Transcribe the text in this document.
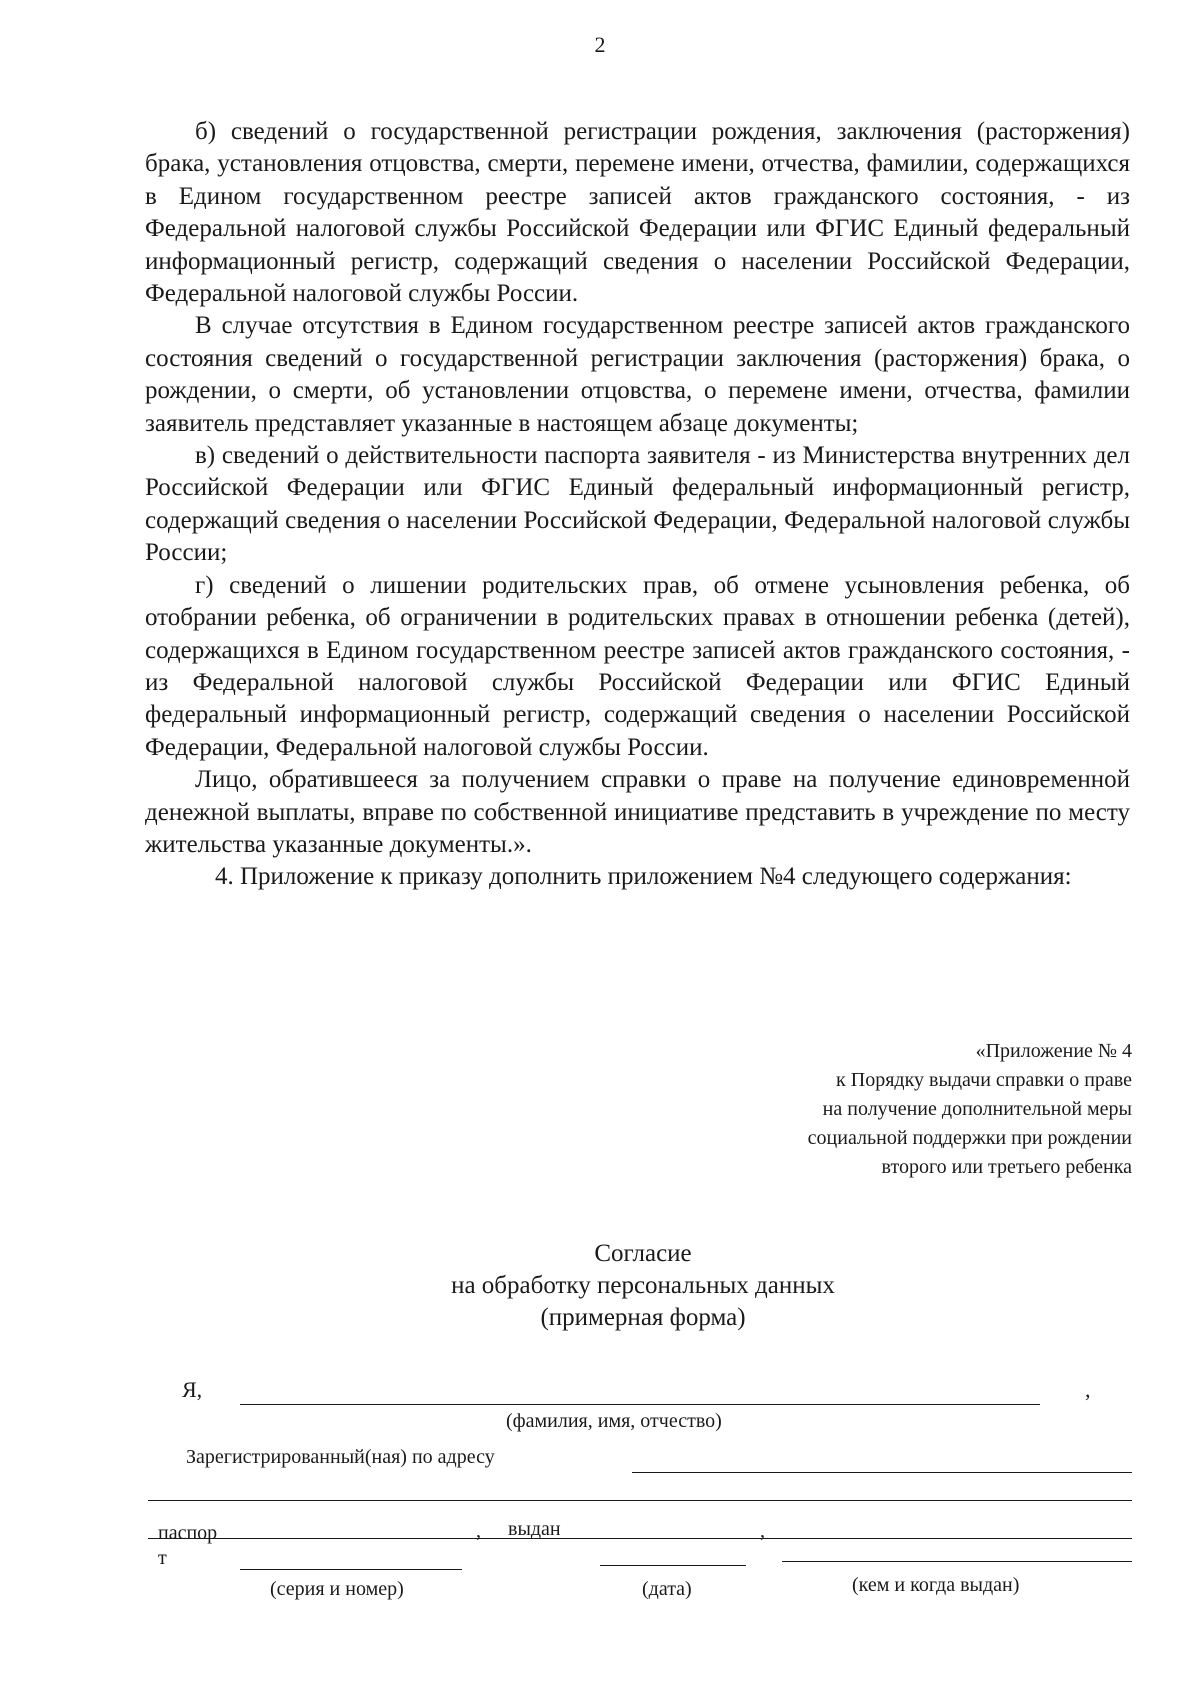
2

б) сведений о государственной регистрации рождения, заключения (расторжения) брака, установления отцовства, смерти, перемене имени, отчества, фамилии, содержащихся в Едином государственном реестре записей актов гражданского состояния, - из Федеральной налоговой службы Российской Федерации или ФГИС Единый федеральный информационный регистр, содержащий сведения о населении Российской Федерации, Федеральной налоговой службы России.

В случае отсутствия в Едином государственном реестре записей актов гражданского состояния сведений о государственной регистрации заключения (расторжения) брака, о рождении, о смерти, об установлении отцовства, о перемене имени, отчества, фамилии заявитель представляет указанные в настоящем абзаце документы;

в) сведений о действительности паспорта заявителя - из Министерства внутренних дел Российской Федерации или ФГИС Единый федеральный информационный регистр, содержащий сведения о населении Российской Федерации, Федеральной налоговой службы России;

г) сведений о лишении родительских прав, об отмене усыновления ребенка, об отобрании ребенка, об ограничении в родительских правах в отношении ребенка (детей), содержащихся в Едином государственном реестре записей актов гражданского состояния, - из Федеральной налоговой службы Российской Федерации или ФГИС Единый федеральный информационный регистр, содержащий сведения о населении Российской Федерации, Федеральной налоговой службы России.

Лицо, обратившееся за получением справки о праве на получение единовременной денежной выплаты, вправе по собственной инициативе представить в учреждение по месту жительства указанные документы.».

4. Приложение к приказу дополнить приложением №4 следующего содержания:

«Приложение № 4
к Порядку выдачи справки о праве
на получение дополнительной меры
социальной поддержки при рождении
второго или третьего ребенка
Согласие
на обработку персональных данных
(примерная форма)
Я,	,
(фамилия, имя, отчество)
Зарегистрированный(ная) по адресу
паспор
т
, выдан	,
(серия и номер)	(дата)	(кем и когда выдан)
